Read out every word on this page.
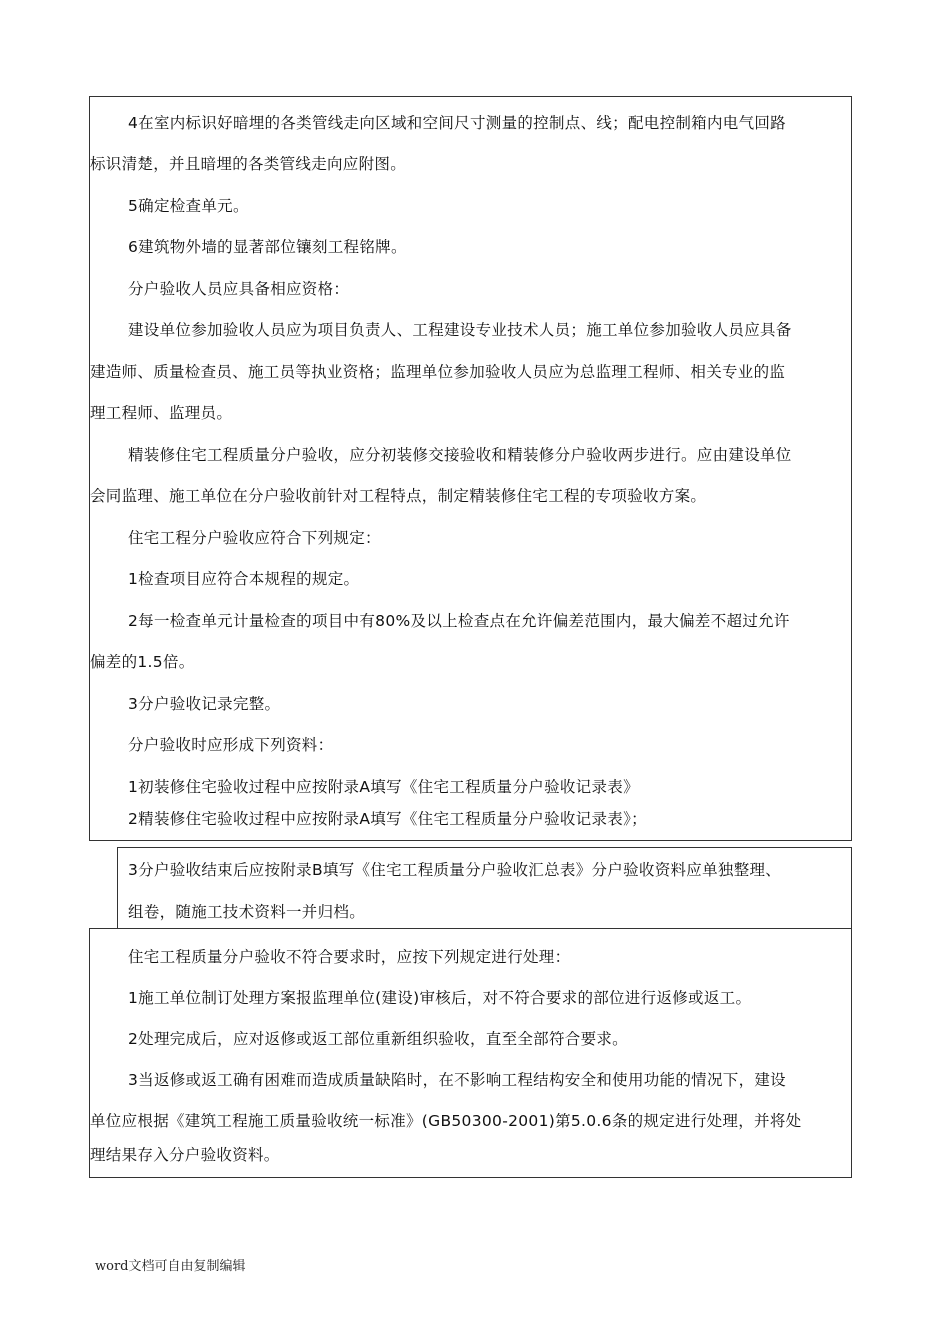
4在室内标识好暗埋的各类管线走向区域和空间尺寸测量的控制点、线；配电控制箱内电气回路
标识清楚，并且暗埋的各类管线走向应附图。
5确定检查单元。
6建筑物外墙的显著部位镶刻工程铭牌。
分户验收人员应具备相应资格：
建设单位参加验收人员应为项目负责人、工程建设专业技术人员；施工单位参加验收人员应具备
建造师、质量检查员、施工员等执业资格；监理单位参加验收人员应为总监理工程师、相关专业的监
理工程师、监理员。
精装修住宅工程质量分户验收，应分初装修交接验收和精装修分户验收两步进行。应由建设单位
会同监理、施工单位在分户验收前针对工程特点，制定精装修住宅工程的专项验收方案。
住宅工程分户验收应符合下列规定：
1检查项目应符合本规程的规定。
2每一检查单元计量检查的项目中有80%及以上检查点在允许偏差范围内，最大偏差不超过允许
偏差的1.5倍。
3分户验收记录完整。
分户验收时应形成下列资料：
1初装修住宅验收过程中应按附录A填写《住宅工程质量分户验收记录表》
2精装修住宅验收过程中应按附录A填写《住宅工程质量分户验收记录表》；
3分户验收结束后应按附录B填写《住宅工程质量分户验收汇总表》分户验收资料应单独整理、
组卷，随施工技术资料一并归档。
住宅工程质量分户验收不符合要求时，应按下列规定进行处理：
1施工单位制订处理方案报监理单位(建设)审核后，对不符合要求的部位进行返修或返工。
2处理完成后，应对返修或返工部位重新组织验收，直至全部符合要求。
3当返修或返工确有困难而造成质量缺陷时，在不影响工程结构安全和使用功能的情况下，建设
单位应根据《建筑工程施工质量验收统一标准》(GB50300-2001)第5.0.6条的规定进行处理，并将处
理结果存入分户验收资料。
word文档可自由复制编辑
